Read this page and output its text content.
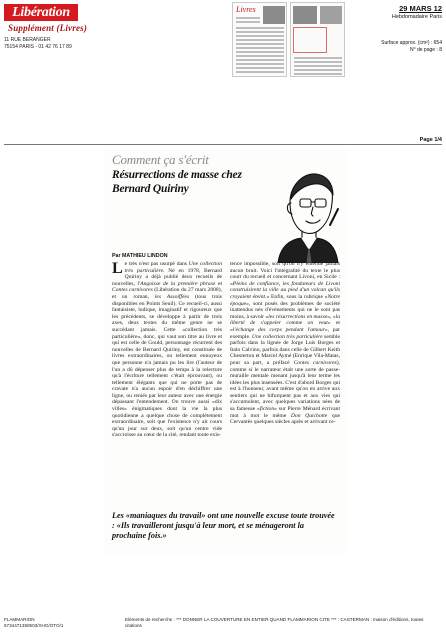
Libération
Supplément (Livres)
11 RUE BERANGER
75154 PARIS - 01 42 76 17 89
Livres	29 MARS 12
Hebdomadaire Paris
Surface approx. (cm²) : 654
N° de page : 8
Page 1/4
Comment ça s'écrit
Résurrections de masse chez Bernard Quiriny
Par MATHIEU LINDON
Le très n'est pas usurpé dans Une collection très particulière. Né en 1978, Bernard Quiriny a déjà publié deux recueils de nouvelles, l'Angoisse de la première phrase et Contes carnivores (Libération du 27 mars 2008), et un roman, les Assoiffées (tous trois disponibles en Points Seuil). Ce recueil-ci, aussi fantaisiste, ludique, imaginatif et rigoureux que les précédents, se développe à partir de trois axes, deux textes du même genre ne se succédant jamais. Cette «collection très particulière», donc, qui vaut son titre au livre et qui est celle de Gould, personnage récurrent des nouvelles de Bernard Quiriny, est constituée de livres extraordinaires, ou tellement ennuyeux que personne n'a jamais pu les lire (l'auteur de l'un a dû dépenser plus de temps à la relecture qu'à l'écriture tellement c'était éprouvant), ou tellement élégants que qui ne porte pas de cravate n'a aucun espoir d'en déchiffrer une ligne, ou reniés par leur auteur avec une énergie dépassant l'entendement. On trouve aussi «dix villes» énigmatiques dont la vie la plus quotidienne a quelque chose de complètement extraordinaire, soit que l'existence n'y ait cours qu'un jour sur deux, soit qu'un centre vide s'accroisse au cœur de la cité, rendant toute exis-
tence impossible, soit qu'on n'y entende jamais aucun bruit. Voici l'intégralité du texte le plus court du recueil et concernant Livoni, en Sicile : «Pleins de confiance, les fondateurs de Livoni construisirent la ville au pied d'un volcan qu'ils croyaient éteint.» Enfin, sous la rubrique «Notre époque», sont posés des problèmes de société inattendus nés d'événements qui ne le sont pas moins, à savoir «les résurrections en masse», «la liberté de s'appeler comme on veut» et «l'échange des corps pendant l'amour», par exemple. Une collection très particulière semble parfois dans la lignée de Jorge Luis Borges et Italo Calvino, parfois dans celle de Gilbert Keith Chesterton et Marcel Aymé (Enrique Vila-Matas, pour sa part, a préfacé Contes carnivores), comme si le narrateur était une sorte de passe-muraille mentale menant jusqu'à leur terme les idées les plus insensées. C'est d'abord Borges qui est à l'honneur, avant même qu'on en arrive aux sentiers qui ne bifurquent pas et aux vies qui s'accumulent, avec quelques variations nées de sa fameuse «fiction» sur Pierre Ménard écrivant mot à mot le même Don Quichotte que Cervantès quelques siècles après et arrivant ce-
Les «maniaques du travail» ont une nouvelle excuse toute trouvée : «Ils travailleront jusqu'à leur mort, et se ménageront la prochaine fois.»
FLAMMARION
6734471350503/XHO/OTO/1
Eléments de recherche : *** DONNER LA COUVERTURE EN ENTIER QUAND FLAMMARION CITE *** : CASTERMAN : maison d'éditions, toutes citations
